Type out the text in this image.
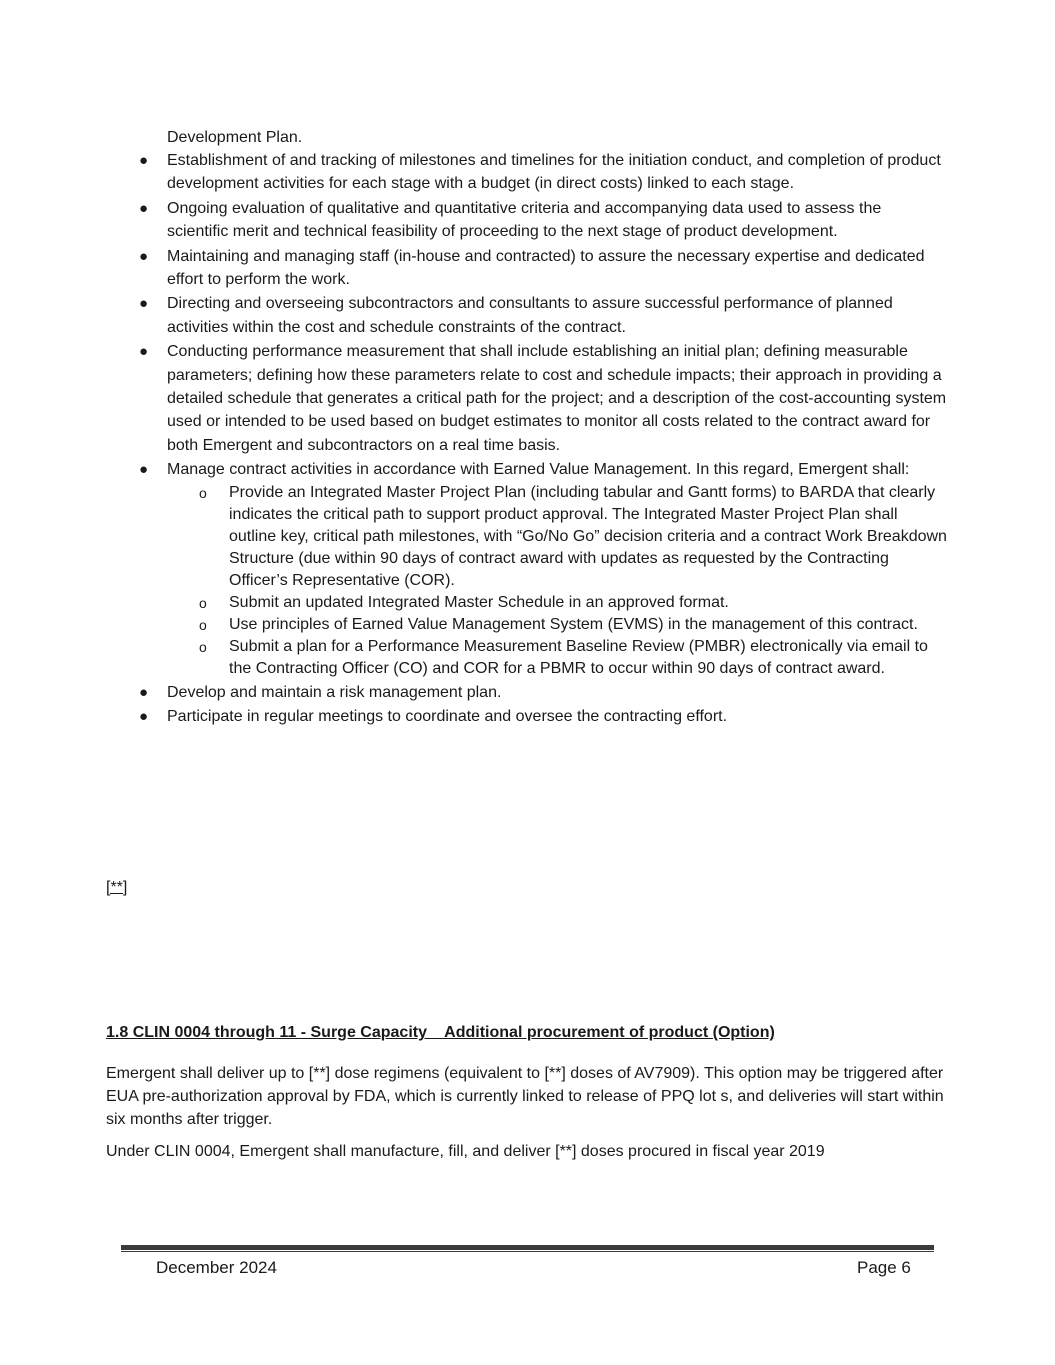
Development Plan.
● Establishment of and tracking of milestones and timelines for the initiation conduct, and completion of product development activities for each stage with a budget (in direct costs) linked to each stage.
● Ongoing evaluation of qualitative and quantitative criteria and accompanying data used to assess the scientific merit and technical feasibility of proceeding to the next stage of product development.
● Maintaining and managing staff (in-house and contracted) to assure the necessary expertise and dedicated effort to perform the work.
● Directing and overseeing subcontractors and consultants to assure successful performance of planned activities within the cost and schedule constraints of the contract.
● Conducting performance measurement that shall include establishing an initial plan; defining measurable parameters; defining how these parameters relate to cost and schedule impacts; their approach in providing a detailed schedule that generates a critical path for the project; and a description of the cost-accounting system used or intended to be used based on budget estimates to monitor all costs related to the contract award for both Emergent and subcontractors on a real time basis.
● Manage contract activities in accordance with Earned Value Management. In this regard, Emergent shall:
o Provide an Integrated Master Project Plan (including tabular and Gantt forms) to BARDA that clearly indicates the critical path to support product approval. The Integrated Master Project Plan shall outline key, critical path milestones, with “Go/No Go” decision criteria and a contract Work Breakdown Structure (due within 90 days of contract award with updates as requested by the Contracting Officer’s Representative (COR).
o Submit an updated Integrated Master Schedule in an approved format.
o Use principles of Earned Value Management System (EVMS) in the management of this contract.
o Submit a plan for a Performance Measurement Baseline Review (PMBR) electronically via email to the Contracting Officer (CO) and COR for a PBMR to occur within 90 days of contract award.
● Develop and maintain a risk management plan.
● Participate in regular meetings to coordinate and oversee the contracting effort.
[**]
1.8 CLIN 0004 through 11 - Surge Capacity    Additional procurement of product (Option)

Emergent shall deliver up to [**] dose regimens (equivalent to [**] doses of AV7909). This option may be triggered after EUA pre-authorization approval by FDA, which is currently linked to release of PPQ lot s, and deliveries will start within six months after trigger.

Under CLIN 0004, Emergent shall manufacture, fill, and deliver [**] doses procured in fiscal year 2019

December 2024	Page 6
